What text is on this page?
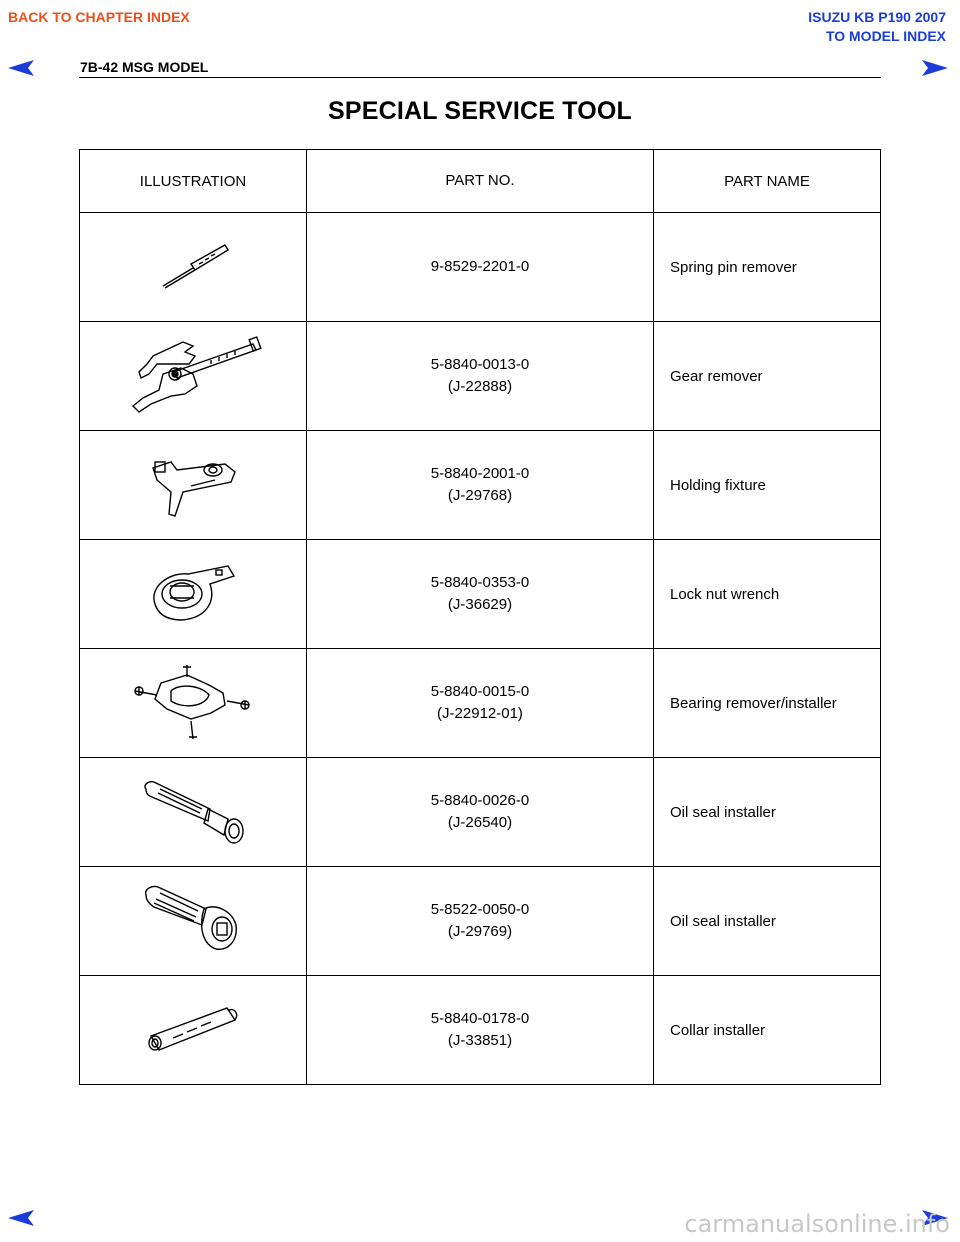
BACK TO CHAPTER INDEX	ISUZU KB P190 2007
TO MODEL INDEX
7B-42 MSG MODEL
SPECIAL SERVICE TOOL
ILLUSTRATION	PART NO.	PART NAME

9-8529-2201-0	Spring pin remover

5-8840-0013-0
(J-22888)	Gear remover

5-8840-2001-0
(J-29768)	Holding fixture

5-8840-0353-0
(J-36629)	Lock nut wrench

5-8840-0015-0
(J-22912-01)	Bearing remover/installer

5-8840-0026-0
(J-26540)	Oil seal installer

5-8522-0050-0
(J-29769)	Oil seal installer

5-8840-0178-0
(J-33851)	Collar installer
carmanualsonline.info
